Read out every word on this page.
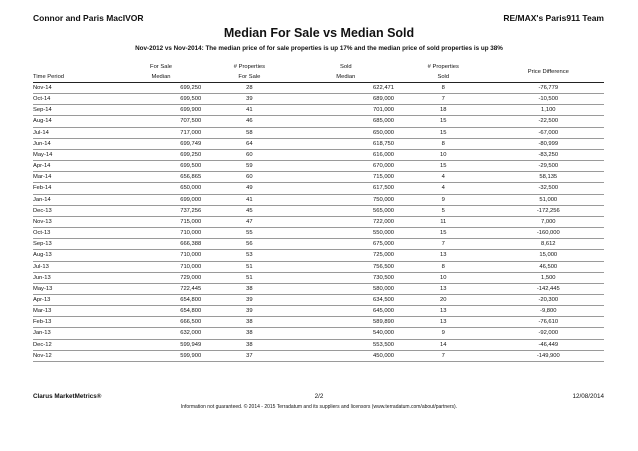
Connor and Paris MacIVOR	RE/MAX's Paris911 Team
Median For Sale vs Median Sold
Nov-2012 vs Nov-2014: The median price of for sale properties is up 17% and the median price of sold properties is up 38%
	For Sale	# Properties	Sold	# Properties	Price Difference
Time Period	Median	For Sale	Median	Sold	
Nov-14	699,250	28	622,471	8	-76,779
Oct-14	699,500	39	689,000	7	-10,500
Sep-14	699,900	41	701,000	18	1,100
Aug-14	707,500	46	685,000	15	-22,500
Jul-14	717,000	58	650,000	15	-67,000
Jun-14	699,749	64	618,750	8	-80,999
May-14	699,250	60	616,000	10	-83,250
Apr-14	699,500	59	670,000	15	-29,500
Mar-14	656,865	60	715,000	4	58,135
Feb-14	650,000	49	617,500	4	-32,500
Jan-14	699,000	41	750,000	9	51,000
Dec-13	737,256	45	565,000	5	-172,256
Nov-13	715,000	47	722,000	11	7,000
Oct-13	710,000	55	550,000	15	-160,000
Sep-13	666,388	56	675,000	7	8,612
Aug-13	710,000	53	725,000	13	15,000
Jul-13	710,000	51	756,500	8	46,500
Jun-13	729,000	51	730,500	10	1,500
May-13	722,445	38	580,000	13	-142,445
Apr-13	654,800	39	634,500	20	-20,300
Mar-13	654,800	39	645,000	13	-9,800
Feb-13	666,500	38	589,890	13	-76,610
Jan-13	632,000	38	540,000	9	-92,000
Dec-12	599,949	38	553,500	14	-46,449
Nov-12	599,900	37	450,000	7	-149,900
Clarus MarketMetrics®	2/2	12/08/2014
Information not guaranteed. © 2014 - 2015 Terradatum and its suppliers and licensors (www.terradatum.com/about/partners).
